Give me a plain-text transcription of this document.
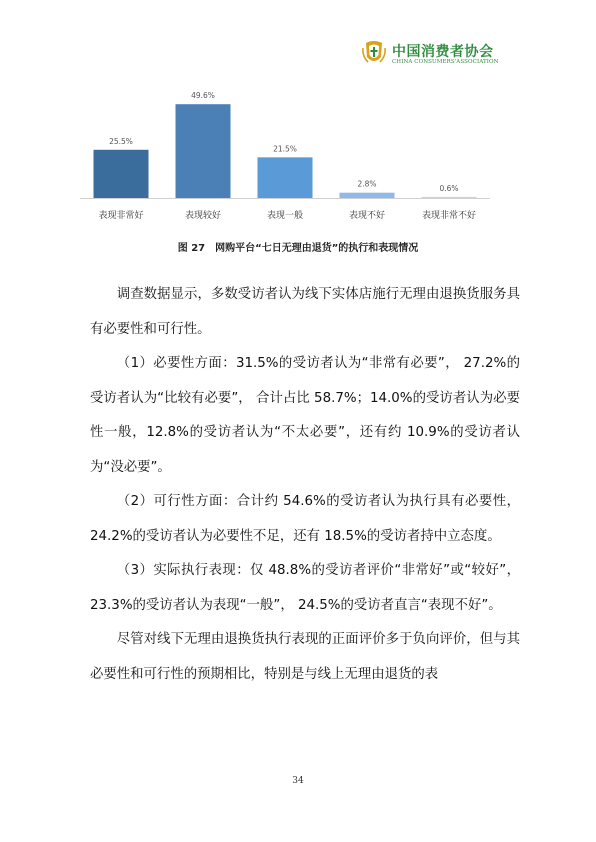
中国消费者协会
CHINA CONSUMERS'ASSOCIATION
25.5%
表现非常好
49.6%
表现较好
21.5%
表现一般
2.8%
表现不好
0.6%
表现非常不好
图 27　网购平台“七日无理由退货”的执行和表现情况

调查数据显示，多数受访者认为线下实体店施行无理由退换货服务具有必要性和可行性。

（1）必要性方面：31.5%的受访者认为“非常有必要”， 27.2%的受访者认为“比较有必要”， 合计占比 58.7%；14.0%的受访者认为必要性一般，12.8%的受访者认为“不太必要”，还有约 10.9%的受访者认为“没必要”。

（2）可行性方面：合计约 54.6%的受访者认为执行具有必要性，24.2%的受访者认为必要性不足，还有 18.5%的受访者持中立态度。

（3）实际执行表现：仅 48.8%的受访者评价“非常好”或“较好”， 23.3%的受访者认为表现“一般”， 24.5%的受访者直言“表现不好”。

尽管对线下无理由退换货执行表现的正面评价多于负向评价，但与其必要性和可行性的预期相比，特别是与线上无理由退货的表

34
